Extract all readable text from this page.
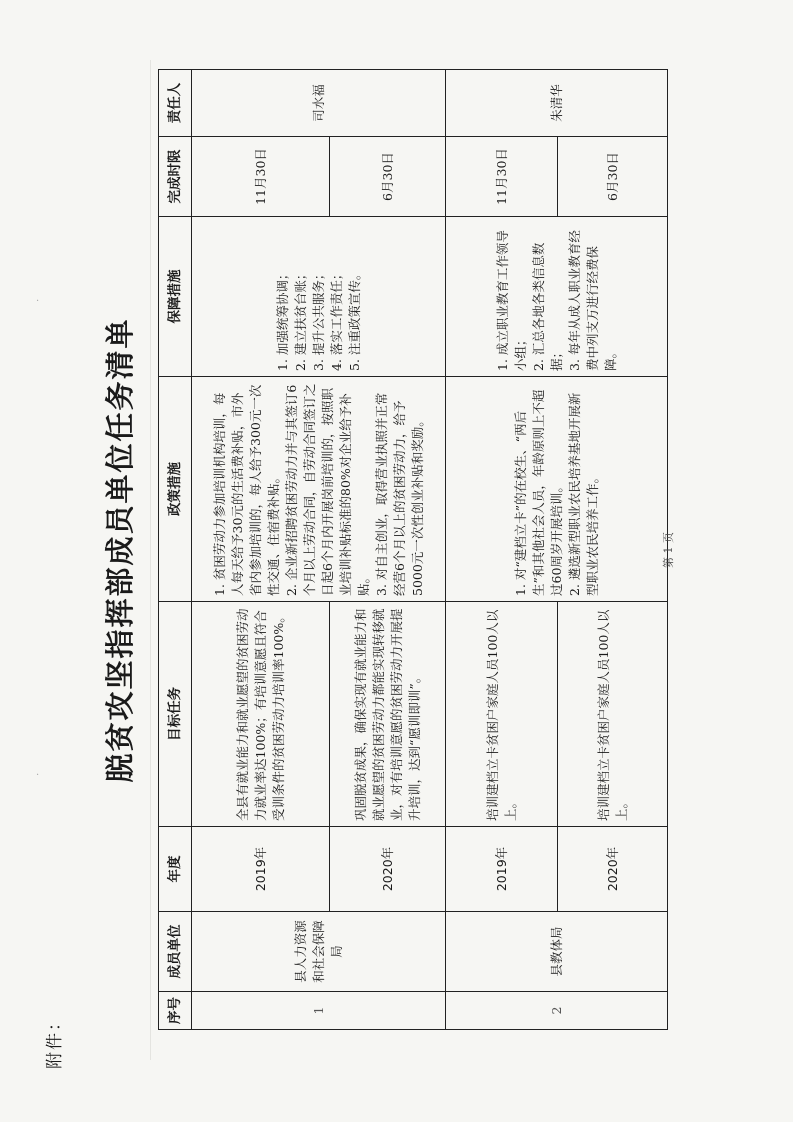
·
·
附件：
脱贫攻坚指挥部成员单位任务清单
序号	成员单位	年度	目标任务	政策措施	保障措施	完成时限	责任人
1	县人力资源和社会保障局	2019年	全县有就业能力和就业愿望的贫困劳动力就业率达100%；有培训意愿且符合受训条件的贫困劳动力培训率100%。	1. 贫困劳动力参加培训机构培训，每人每天给予30元的生活费补贴，市外省内参加培训的，每人给予300元一次性交通、住宿费补贴。 2. 企业新招聘贫困劳动力并与其签订6个月以上劳动合同，自劳动合同签订之日起6个月内开展岗前培训的，按照职业培训补贴标准的80%对企业给予补贴。 3. 对自主创业，取得营业执照并正常经营6个月以上的贫困劳动力，给予5000元一次性创业补贴和奖励。	1. 加强统筹协调； 2. 建立扶贫台账； 3. 提升公共服务； 4. 落实工作责任； 5. 注重政策宣传。	11月30日	司水福
		2020年	巩固脱贫成果，确保实现有就业能力和就业愿望的贫困劳动力都能实现转移就业，对有培训意愿的贫困劳动力开展提升培训，达到“愿训即训”。			6月30日	
2	县教体局	2019年	培训建档立卡贫困户家庭人员100人以上。	1. 对“建档立卡”的在校生、“两后生”和其他社会人员，年龄原则上不超过60周岁开展培训。 2. 遴选新型职业农民培养基地开展新型职业农民培养工作。	1. 成立职业教育工作领导小组； 2. 汇总各地各类信息数据； 3. 每年从成人职业教育经费中列支万进行经费保障。	11月30日	朱清华
		2020年	培训建档立卡贫困户家庭人员100人以上。			6月30日	
第 1 页
